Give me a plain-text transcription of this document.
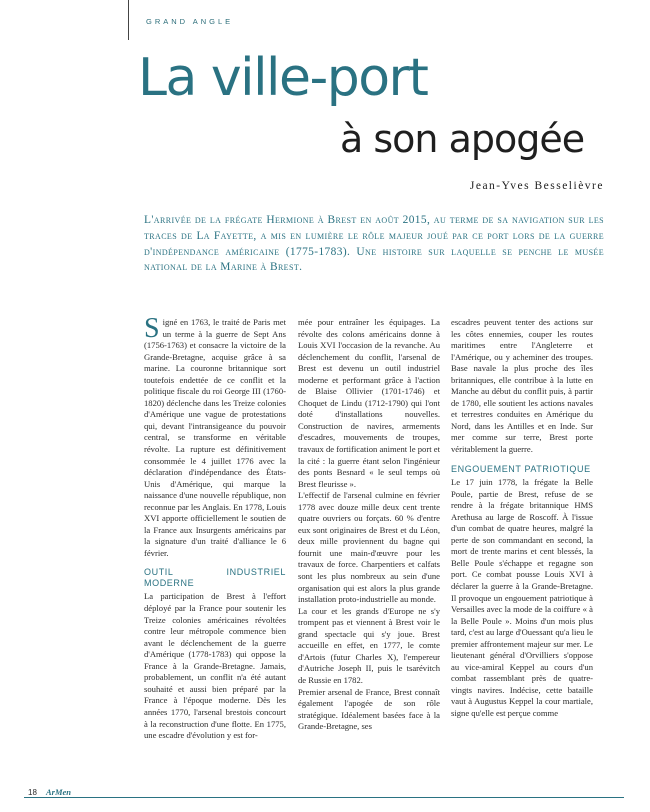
GRAND ANGLE
La ville-port
à son apogée
Jean-Yves Besselièvre

L'arrivée de la frégate Hermione à Brest en août 2015, au terme de sa navigation sur les traces de La Fayette, a mis en lumière le rôle majeur joué par ce port lors de la guerre d'indépendance américaine (1775-1783). Une histoire sur laquelle se penche le musée national de la Marine à Brest.

Signé en 1763, le traité de Paris met un terme à la guerre de Sept Ans (1756-1763) et consacre la victoire de la Grande-Bretagne, acquise grâce à sa marine. La couronne britannique sort toutefois endettée de ce conflit et la politique fiscale du roi George III (1760-1820) déclenche dans les Treize colonies d'Amérique une vague de protestations qui, devant l'intransigeance du pouvoir central, se transforme en véritable révolte. La rupture est définitivement consommée le 4 juillet 1776 avec la déclaration d'indépendance des États-Unis d'Amérique, qui marque la naissance d'une nouvelle république, non reconnue par les Anglais. En 1778, Louis XVI apporte officiellement le soutien de la France aux Insurgents américains par la signature d'un traité d'alliance le 6 février.

OUTIL INDUSTRIEL MODERNE

La participation de Brest à l'effort déployé par la France pour soutenir les Treize colonies américaines révoltées contre leur métropole commence bien avant le déclenchement de la guerre d'Amérique (1778-1783) qui oppose la France à la Grande-Bretagne. Jamais, probablement, un conflit n'a été autant souhaité et aussi bien préparé par la France à l'époque moderne. Dès les années 1770, l'arsenal brestois concourt à la reconstruction d'une flotte. En 1775, une escadre d'évolution y est for-

mée pour entraîner les équipages. La révolte des colons américains donne à Louis XVI l'occasion de la revanche. Au déclenchement du conflit, l'arsenal de Brest est devenu un outil industriel moderne et performant grâce à l'action de Blaise Ollivier (1701-1746) et Choquet de Lindu (1712-1790) qui l'ont doté d'installations nouvelles. Construction de navires, armements d'escadres, mouvements de troupes, travaux de fortification animent le port et la cité : la guerre étant selon l'ingénieur des ponts Besnard « le seul temps où Brest fleurisse ».

L'effectif de l'arsenal culmine en février 1778 avec douze mille deux cent trente quatre ouvriers ou forçats. 60 % d'entre eux sont originaires de Brest et du Léon, deux mille proviennent du bagne qui fournit une main-d'œuvre pour les travaux de force. Charpentiers et calfats sont les plus nombreux au sein d'une organisation qui est alors la plus grande installation proto-industrielle au monde.

La cour et les grands d'Europe ne s'y trompent pas et viennent à Brest voir le grand spectacle qui s'y joue. Brest accueille en effet, en 1777, le comte d'Artois (futur Charles X), l'empereur d'Autriche Joseph II, puis le tsarévitch de Russie en 1782.

Premier arsenal de France, Brest connaît également l'apogée de son rôle stratégique. Idéalement basées face à la Grande-Bretagne, ses

escadres peuvent tenter des actions sur les côtes ennemies, couper les routes maritimes entre l'Angleterre et l'Amérique, ou y acheminer des troupes. Base navale la plus proche des îles britanniques, elle contribue à la lutte en Manche au début du conflit puis, à partir de 1780, elle soutient les actions navales et terrestres conduites en Amérique du Nord, dans les Antilles et en Inde. Sur mer comme sur terre, Brest porte véritablement la guerre.

ENGOUEMENT PATRIOTIQUE

Le 17 juin 1778, la frégate la Belle Poule, partie de Brest, refuse de se rendre à la frégate britannique HMS Arethusa au large de Roscoff. À l'issue d'un combat de quatre heures, malgré la perte de son commandant en second, la mort de trente marins et cent blessés, la Belle Poule s'échappe et regagne son port. Ce combat pousse Louis XVI à déclarer la guerre à la Grande-Bretagne. Il provoque un engouement patriotique à Versailles avec la mode de la coiffure « à la Belle Poule ». Moins d'un mois plus tard, c'est au large d'Ouessant qu'a lieu le premier affrontement majeur sur mer. Le lieutenant général d'Orvilliers s'oppose au vice-amiral Keppel au cours d'un combat rassemblant près de quatre-vingts navires. Indécise, cette bataille vaut à Augustus Keppel la cour martiale, signe qu'elle est perçue comme

18 ArMen
